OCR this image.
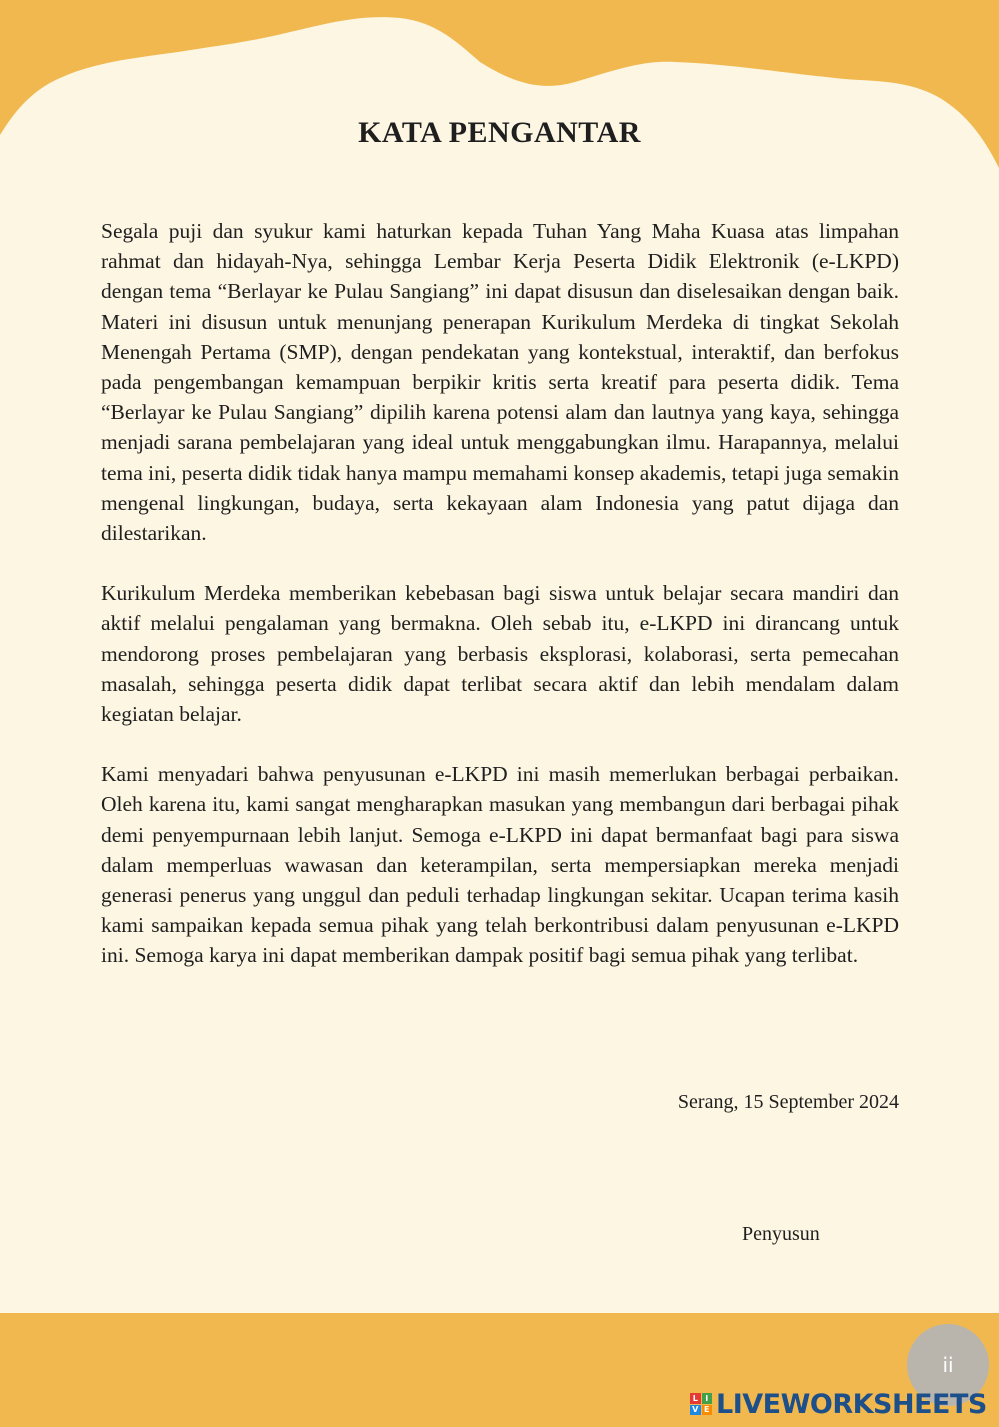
KATA PENGANTAR

Segala puji dan syukur kami haturkan kepada Tuhan Yang Maha Kuasa atas limpahan rahmat dan hidayah-Nya, sehingga Lembar Kerja Peserta Didik Elektronik (e-LKPD) dengan tema “Berlayar ke Pulau Sangiang” ini dapat disusun dan diselesaikan dengan baik. Materi ini disusun untuk menunjang penerapan Kurikulum Merdeka di tingkat Sekolah Menengah Pertama (SMP), dengan pendekatan yang kontekstual, interaktif, dan berfokus pada pengembangan kemampuan berpikir kritis serta kreatif para peserta didik. Tema “Berlayar ke Pulau Sangiang” dipilih karena potensi alam dan lautnya yang kaya, sehingga menjadi sarana pembelajaran yang ideal untuk menggabungkan ilmu. Harapannya, melalui tema ini, peserta didik tidak hanya mampu memahami konsep akademis, tetapi juga semakin mengenal lingkungan, budaya, serta kekayaan alam Indonesia yang patut dijaga dan dilestarikan.

Kurikulum Merdeka memberikan kebebasan bagi siswa untuk belajar secara mandiri dan aktif melalui pengalaman yang bermakna. Oleh sebab itu, e-LKPD ini dirancang untuk mendorong proses pembelajaran yang berbasis eksplorasi, kolaborasi, serta pemecahan masalah, sehingga peserta didik dapat terlibat secara aktif dan lebih mendalam dalam kegiatan belajar.

Kami menyadari bahwa penyusunan e-LKPD ini masih memerlukan berbagai perbaikan. Oleh karena itu, kami sangat mengharapkan masukan yang membangun dari berbagai pihak demi penyempurnaan lebih lanjut. Semoga e-LKPD ini dapat bermanfaat bagi para siswa dalam memperluas wawasan dan keterampilan, serta mempersiapkan mereka menjadi generasi penerus yang unggul dan peduli terhadap lingkungan sekitar. Ucapan terima kasih kami sampaikan kepada semua pihak yang telah berkontribusi dalam penyusunan e-LKPD ini. Semoga karya ini dapat memberikan dampak positif bagi semua pihak yang terlibat.

Serang, 15 September 2024

Penyusun

ii
L I
V E LIVEWORKSHEETS
